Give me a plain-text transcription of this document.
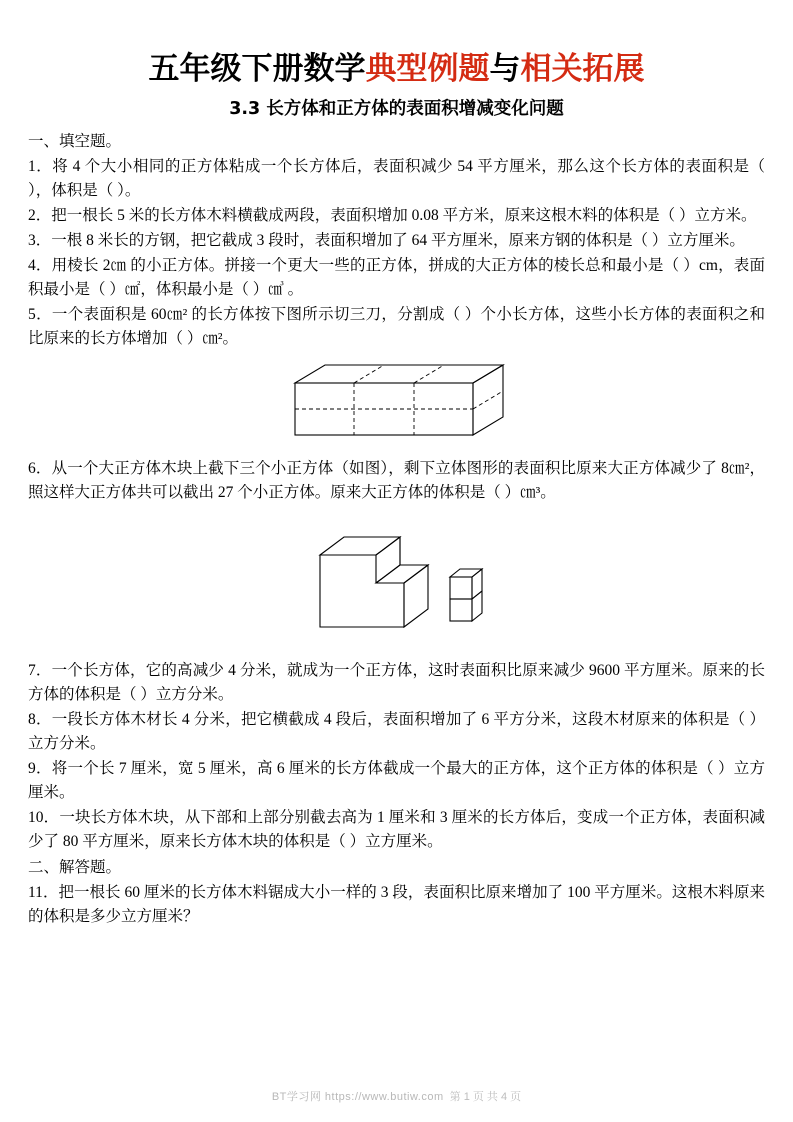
五年级下册数学典型例题与相关拓展
3.3 长方体和正方体的表面积增减变化问题
一、填空题。

1．将 4 个大小相同的正方体粘成一个长方体后，表面积减少 54 平方厘米，那么这个长方体的表面积是（ ），体积是（ ）。

2．把一根长 5 米的长方体木料横截成两段，表面积增加 0.08 平方米，原来这根木料的体积是（ ）立方米。

3．一根 8 米长的方钢，把它截成 3 段时，表面积增加了 64 平方厘米，原来方钢的体积是（ ）立方厘米。

4．用棱长 2㎝ 的小正方体。拼接一个更大一些的正方体，拼成的大正方体的棱长总和最小是（ ）cm，表面积最小是（ ）㎠，体积最小是（ ）㎤ 。

5．一个表面积是 60㎝² 的长方体按下图所示切三刀，分割成（ ）个小长方体，这些小长方体的表面积之和比原来的长方体增加（ ）㎝²。

6．从一个大正方体木块上截下三个小正方体（如图），剩下立体图形的表面积比原来大正方体减少了 8㎝²，照这样大正方体共可以截出 27 个小正方体。原来大正方体的体积是（ ）㎝³。

7．一个长方体，它的高减少 4 分米，就成为一个正方体，这时表面积比原来减少 9600 平方厘米。原来的长方体的体积是（ ）立方分米。

8．一段长方体木材长 4 分米，把它横截成 4 段后，表面积增加了 6 平方分米，这段木材原来的体积是（ ）立方分米。

9．将一个长 7 厘米，宽 5 厘米，高 6 厘米的长方体截成一个最大的正方体，这个正方体的体积是（ ）立方厘米。

10．一块长方体木块，从下部和上部分别截去高为 1 厘米和 3 厘米的长方体后，变成一个正方体，表面积减少了 80 平方厘米，原来长方体木块的体积是（ ）立方厘米。

二、解答题。

11．把一根长 60 厘米的长方体木料锯成大小一样的 3 段，表面积比原来增加了 100 平方厘米。这根木料原来的体积是多少立方厘米？

BT学习网 https://www.butiw.com 第 1 页 共 4 页
